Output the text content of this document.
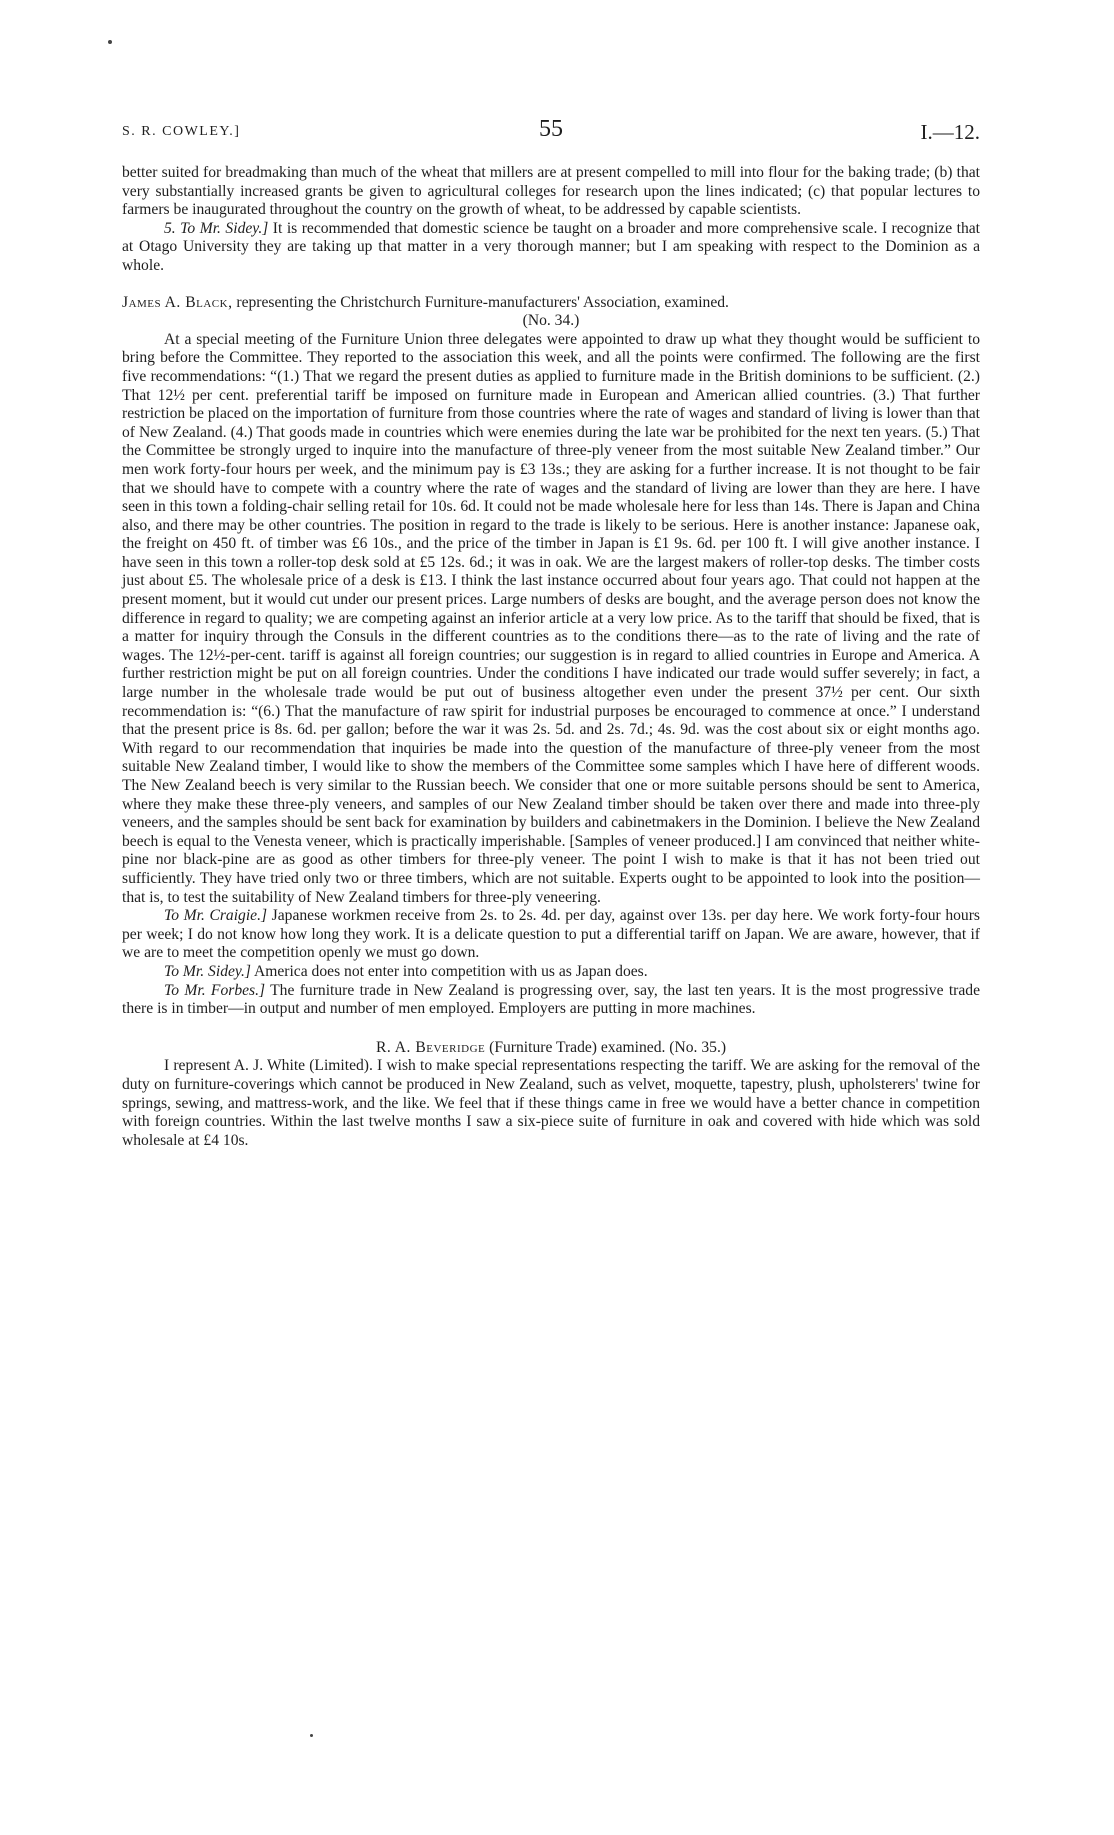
S. R. COWLEY.]	55	I.—12.

better suited for breadmaking than much of the wheat that millers are at present compelled to mill into flour for the baking trade; (b) that very substantially increased grants be given to agricultural colleges for research upon the lines indicated; (c) that popular lectures to farmers be inaugurated throughout the country on the growth of wheat, to be addressed by capable scientists.

5. To Mr. Sidey.] It is recommended that domestic science be taught on a broader and more comprehensive scale. I recognize that at Otago University they are taking up that matter in a very thorough manner; but I am speaking with respect to the Dominion as a whole.

James A. Black, representing the Christchurch Furniture-manufacturers' Association, examined.
(No. 34.)

At a special meeting of the Furniture Union three delegates were appointed to draw up what they thought would be sufficient to bring before the Committee. They reported to the association this week, and all the points were confirmed. The following are the first five recommendations: “(1.) That we regard the present duties as applied to furniture made in the British dominions to be sufficient. (2.) That 12½ per cent. preferential tariff be imposed on furniture made in European and American allied countries. (3.) That further restriction be placed on the importation of furniture from those countries where the rate of wages and standard of living is lower than that of New Zealand. (4.) That goods made in countries which were enemies during the late war be prohibited for the next ten years. (5.) That the Committee be strongly urged to inquire into the manufacture of three-ply veneer from the most suitable New Zealand timber.” Our men work forty-four hours per week, and the minimum pay is £3 13s.; they are asking for a further increase. It is not thought to be fair that we should have to compete with a country where the rate of wages and the standard of living are lower than they are here. I have seen in this town a folding-chair selling retail for 10s. 6d. It could not be made wholesale here for less than 14s. There is Japan and China also, and there may be other countries. The position in regard to the trade is likely to be serious. Here is another instance: Japanese oak, the freight on 450 ft. of timber was £6 10s., and the price of the timber in Japan is £1 9s. 6d. per 100 ft. I will give another instance. I have seen in this town a roller-top desk sold at £5 12s. 6d.; it was in oak. We are the largest makers of roller-top desks. The timber costs just about £5. The wholesale price of a desk is £13. I think the last instance occurred about four years ago. That could not happen at the present moment, but it would cut under our present prices. Large numbers of desks are bought, and the average person does not know the difference in regard to quality; we are competing against an inferior article at a very low price. As to the tariff that should be fixed, that is a matter for inquiry through the Consuls in the different countries as to the conditions there—as to the rate of living and the rate of wages. The 12½-per-cent. tariff is against all foreign countries; our suggestion is in regard to allied countries in Europe and America. A further restriction might be put on all foreign countries. Under the conditions I have indicated our trade would suffer severely; in fact, a large number in the wholesale trade would be put out of business altogether even under the present 37½ per cent. Our sixth recommendation is: “(6.) That the manufacture of raw spirit for industrial purposes be encouraged to commence at once.” I understand that the present price is 8s. 6d. per gallon; before the war it was 2s. 5d. and 2s. 7d.; 4s. 9d. was the cost about six or eight months ago. With regard to our recommendation that inquiries be made into the question of the manufacture of three-ply veneer from the most suitable New Zealand timber, I would like to show the members of the Committee some samples which I have here of different woods. The New Zealand beech is very similar to the Russian beech. We consider that one or more suitable persons should be sent to America, where they make these three-ply veneers, and samples of our New Zealand timber should be taken over there and made into three-ply veneers, and the samples should be sent back for examination by builders and cabinetmakers in the Dominion. I believe the New Zealand beech is equal to the Venesta veneer, which is practically imperishable. [Samples of veneer produced.] I am convinced that neither white-pine nor black-pine are as good as other timbers for three-ply veneer. The point I wish to make is that it has not been tried out sufficiently. They have tried only two or three timbers, which are not suitable. Experts ought to be appointed to look into the position—that is, to test the suitability of New Zealand timbers for three-ply veneering.

To Mr. Craigie.] Japanese workmen receive from 2s. to 2s. 4d. per day, against over 13s. per day here. We work forty-four hours per week; I do not know how long they work. It is a delicate question to put a differential tariff on Japan. We are aware, however, that if we are to meet the competition openly we must go down.

To Mr. Sidey.] America does not enter into competition with us as Japan does.

To Mr. Forbes.] The furniture trade in New Zealand is progressing over, say, the last ten years. It is the most progressive trade there is in timber—in output and number of men employed. Employers are putting in more machines.

R. A. Beveridge (Furniture Trade) examined. (No. 35.)

I represent A. J. White (Limited). I wish to make special representations respecting the tariff. We are asking for the removal of the duty on furniture-coverings which cannot be produced in New Zealand, such as velvet, moquette, tapestry, plush, upholsterers' twine for springs, sewing, and mattress-work, and the like. We feel that if these things came in free we would have a better chance in competition with foreign countries. Within the last twelve months I saw a six-piece suite of furniture in oak and covered with hide which was sold wholesale at £4 10s.
